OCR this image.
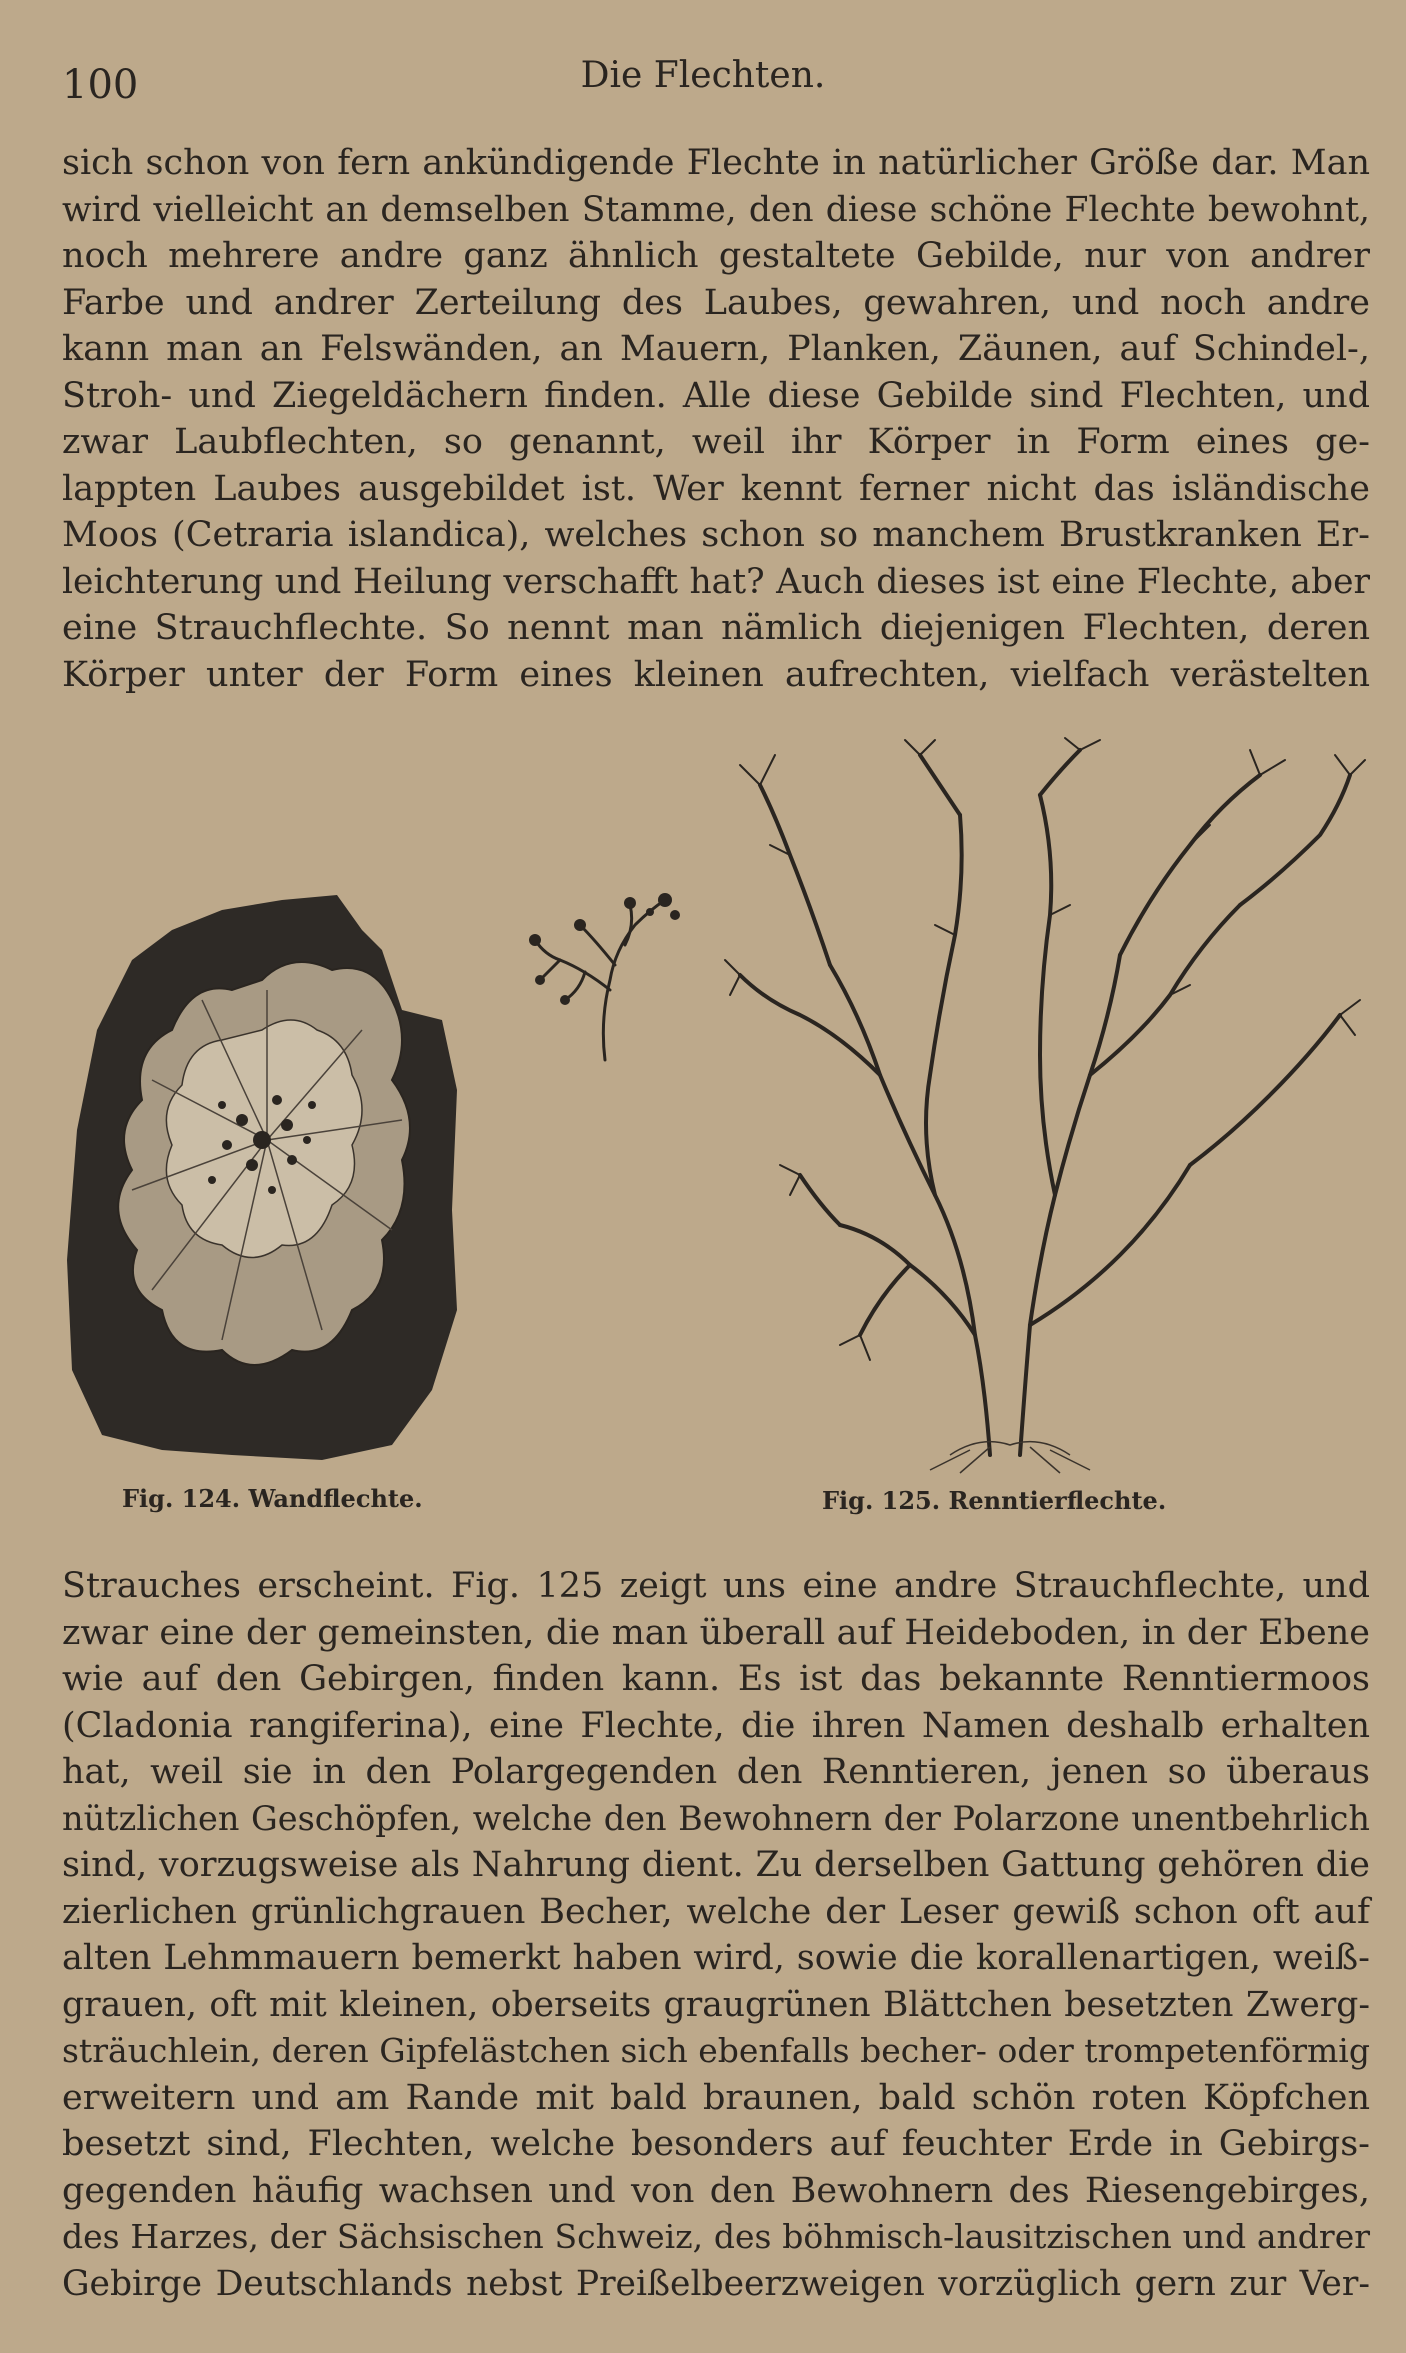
100	Die Flechten.
sich schon von fern ankündigende Flechte in natürlicher Größe dar. Man
wird vielleicht an demselben Stamme, den diese schöne Flechte bewohnt,
noch mehrere andre ganz ähnlich gestaltete Gebilde, nur von andrer
Farbe und andrer Zerteilung des Laubes, gewahren, und noch andre
kann man an Felswänden, an Mauern, Planken, Zäunen, auf Schindel-,
Stroh- und Ziegeldächern finden. Alle diese Gebilde sind Flechten, und
zwar Laubflechten, so genannt, weil ihr Körper in Form eines ge-
lappten Laubes ausgebildet ist. Wer kennt ferner nicht das isländische
Moos (Cetraria islandica), welches schon so manchem Brustkranken Er-
leichterung und Heilung verschafft hat? Auch dieses ist eine Flechte, aber
eine Strauchflechte. So nennt man nämlich diejenigen Flechten, deren
Körper unter der Form eines kleinen aufrechten, vielfach verästelten
Fig. 124. Wandflechte.	Fig. 125. Renntierflechte.
Strauches erscheint. Fig. 125 zeigt uns eine andre Strauchflechte, und
zwar eine der gemeinsten, die man überall auf Heideboden, in der Ebene
wie auf den Gebirgen, finden kann. Es ist das bekannte Renntiermoos
(Cladonia rangiferina), eine Flechte, die ihren Namen deshalb erhalten
hat, weil sie in den Polargegenden den Renntieren, jenen so überaus
nützlichen Geschöpfen, welche den Bewohnern der Polarzone unentbehrlich
sind, vorzugsweise als Nahrung dient. Zu derselben Gattung gehören die
zierlichen grünlichgrauen Becher, welche der Leser gewiß schon oft auf
alten Lehmmauern bemerkt haben wird, sowie die korallenartigen, weiß-
grauen, oft mit kleinen, oberseits graugrünen Blättchen besetzten Zwerg-
sträuchlein, deren Gipfelästchen sich ebenfalls becher- oder trompetenförmig
erweitern und am Rande mit bald braunen, bald schön roten Köpfchen
besetzt sind, Flechten, welche besonders auf feuchter Erde in Gebirgs-
gegenden häufig wachsen und von den Bewohnern des Riesengebirges,
des Harzes, der Sächsischen Schweiz, des böhmisch-lausitzischen und andrer
Gebirge Deutschlands nebst Preißelbeerzweigen vorzüglich gern zur Ver-
